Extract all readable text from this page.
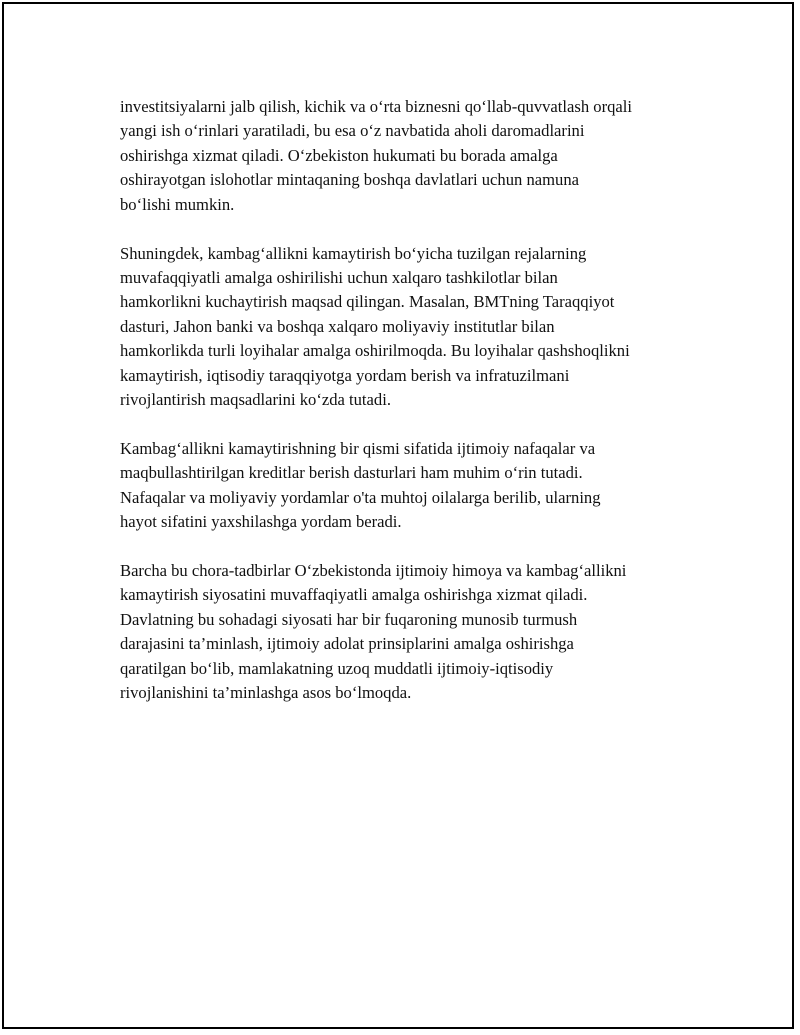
investitsiyalarni jalb qilish, kichik va o‘rta biznesni qo‘llab-quvvatlash orqali
yangi ish o‘rinlari yaratiladi, bu esa o‘z navbatida aholi daromadlarini
oshirishga xizmat qiladi. O‘zbekiston hukumati bu borada amalga
oshirayotgan islohotlar mintaqaning boshqa davlatlari uchun namuna
bo‘lishi mumkin.

Shuningdek, kambag‘allikni kamaytirish bo‘yicha tuzilgan rejalarning
muvafaqqiyatli amalga oshirilishi uchun xalqaro tashkilotlar bilan
hamkorlikni kuchaytirish maqsad qilingan. Masalan, BMTning Taraqqiyot
dasturi, Jahon banki va boshqa xalqaro moliyaviy institutlar bilan
hamkorlikda turli loyihalar amalga oshirilmoqda. Bu loyihalar qashshoqlikni
kamaytirish, iqtisodiy taraqqiyotga yordam berish va infratuzilmani
rivojlantirish maqsadlarini ko‘zda tutadi.

Kambag‘allikni kamaytirishning bir qismi sifatida ijtimoiy nafaqalar va
maqbullashtirilgan kreditlar berish dasturlari ham muhim o‘rin tutadi.
Nafaqalar va moliyaviy yordamlar o'ta muhtoj oilalarga berilib, ularning
hayot sifatini yaxshilashga yordam beradi.

Barcha bu chora-tadbirlar O‘zbekistonda ijtimoiy himoya va kambag‘allikni
kamaytirish siyosatini muvaffaqiyatli amalga oshirishga xizmat qiladi.
Davlatning bu sohadagi siyosati har bir fuqaroning munosib turmush
darajasini ta’minlash, ijtimoiy adolat prinsiplarini amalga oshirishga
qaratilgan bo‘lib, mamlakatning uzoq muddatli ijtimoiy-iqtisodiy
rivojlanishini ta’minlashga asos bo‘lmoqda.
